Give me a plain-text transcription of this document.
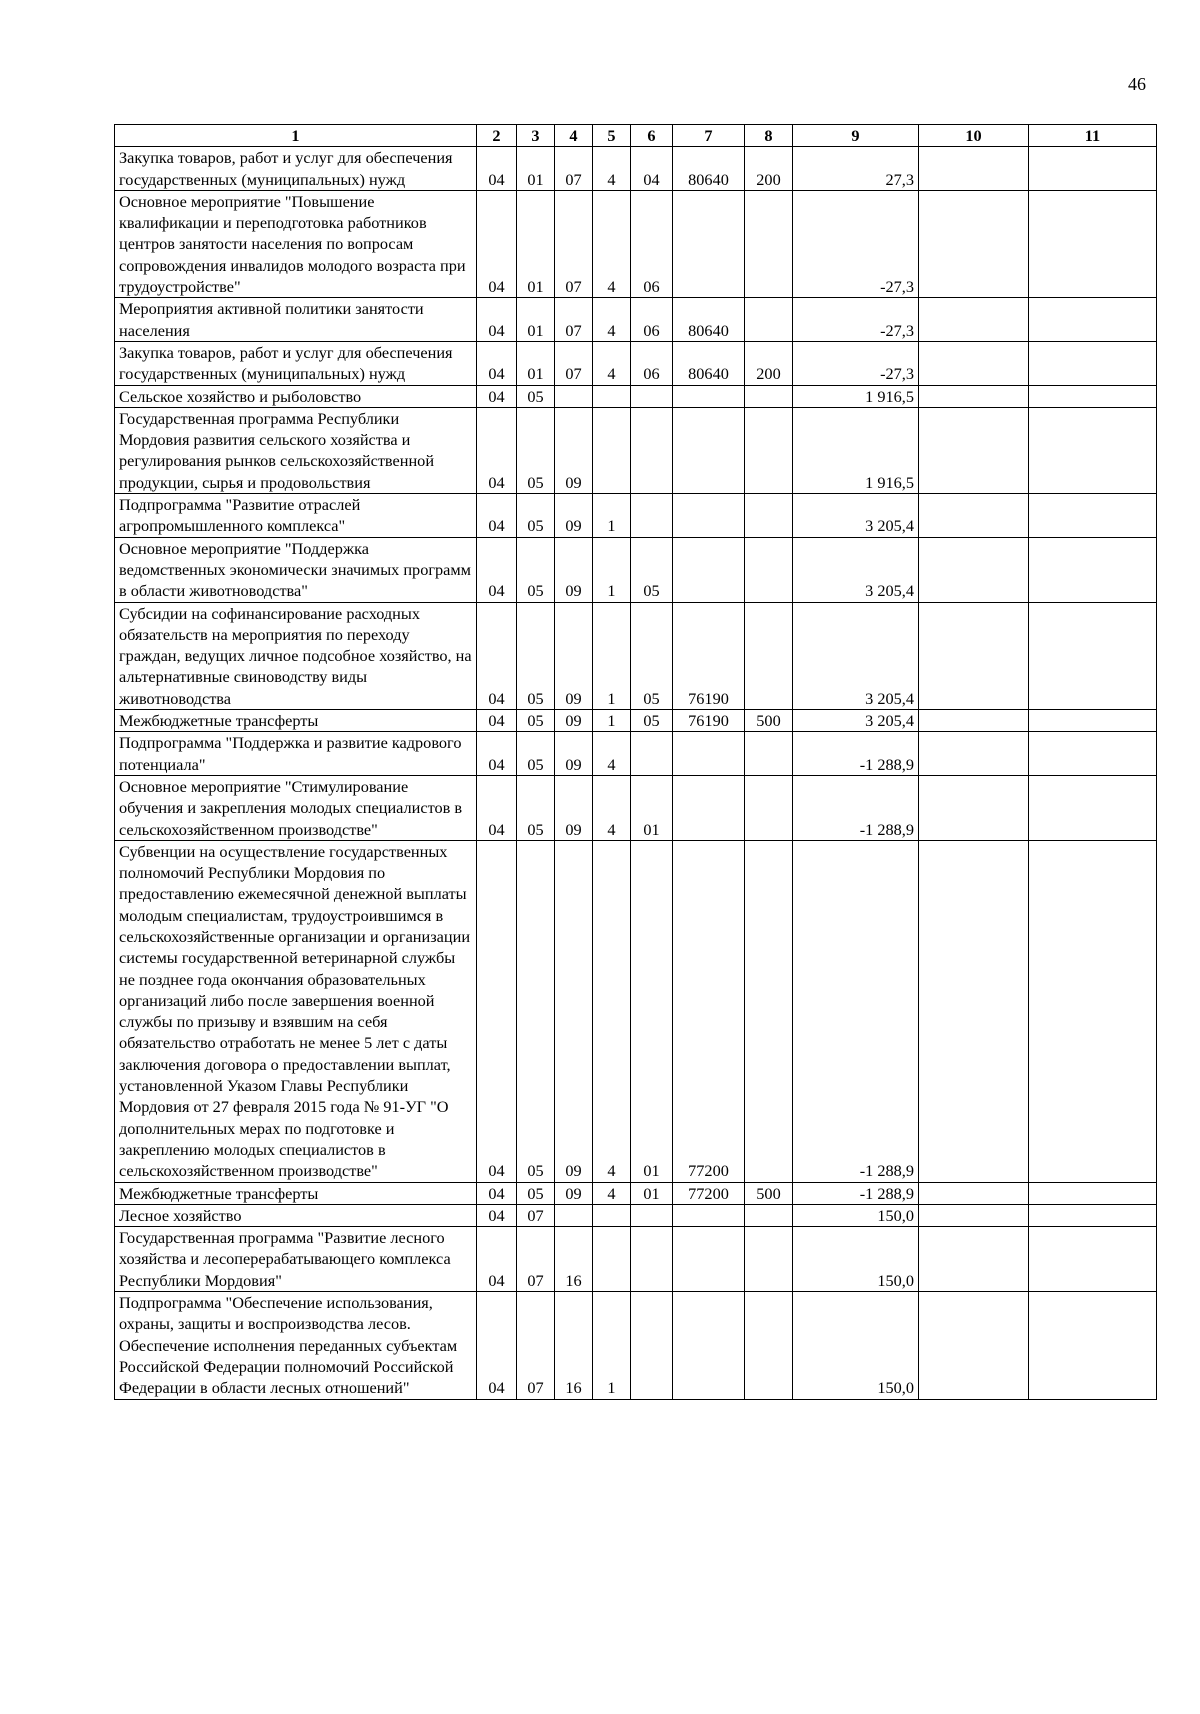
46
1	2	3	4	5	6	7	8	9	10	11
Закупка товаров, работ и услуг для обеспечения государственных (муниципальных) нужд	04	01	07	4	04	80640	200	27,3		
Основное мероприятие "Повышение квалификации и переподготовка работников центров занятости населения по вопросам сопровождения инвалидов молодого возраста при трудоустройстве"	04	01	07	4	06			-27,3		
Мероприятия активной политики занятости населения	04	01	07	4	06	80640		-27,3		
Закупка товаров, работ и услуг для обеспечения государственных (муниципальных) нужд	04	01	07	4	06	80640	200	-27,3		
Сельское хозяйство и рыболовство	04	05						1 916,5		
Государственная программа Республики Мордовия развития сельского хозяйства и регулирования рынков сельскохозяйственной продукции, сырья и продовольствия	04	05	09					1 916,5		
Подпрограмма "Развитие отраслей агропромышленного комплекса"	04	05	09	1				3 205,4		
Основное мероприятие "Поддержка ведомственных экономически значимых программ в области животноводства"	04	05	09	1	05			3 205,4		
Субсидии на софинансирование расходных обязательств на мероприятия по переходу граждан, ведущих личное подсобное хозяйство, на альтернативные свиноводству виды животноводства	04	05	09	1	05	76190		3 205,4		
Межбюджетные трансферты	04	05	09	1	05	76190	500	3 205,4		
Подпрограмма "Поддержка и развитие кадрового потенциала"	04	05	09	4				-1 288,9		
Основное мероприятие "Стимулирование обучения и закрепления молодых специалистов в сельскохозяйственном производстве"	04	05	09	4	01			-1 288,9		
Субвенции на осуществление государственных полномочий Республики Мордовия по предоставлению ежемесячной денежной выплаты молодым специалистам, трудоустроившимся в сельскохозяйственные организации и организации системы государственной ветеринарной службы не позднее года окончания образовательных организаций либо после завершения военной службы по призыву и взявшим на себя обязательство отработать не менее 5 лет с даты заключения договора о предоставлении выплат, установленной Указом Главы Республики Мордовия от 27 февраля 2015 года № 91-УГ "О дополнительных мерах по подготовке и закреплению молодых специалистов в сельскохозяйственном производстве"	04	05	09	4	01	77200		-1 288,9		
Межбюджетные трансферты	04	05	09	4	01	77200	500	-1 288,9		
Лесное хозяйство	04	07						150,0		
Государственная программа "Развитие лесного хозяйства и лесоперерабатывающего комплекса Республики Мордовия"	04	07	16					150,0		
Подпрограмма "Обеспечение использования, охраны, защиты и воспроизводства лесов. Обеспечение исполнения переданных субъектам Российской Федерации полномочий Российской Федерации в области лесных отношений"	04	07	16	1				150,0		
